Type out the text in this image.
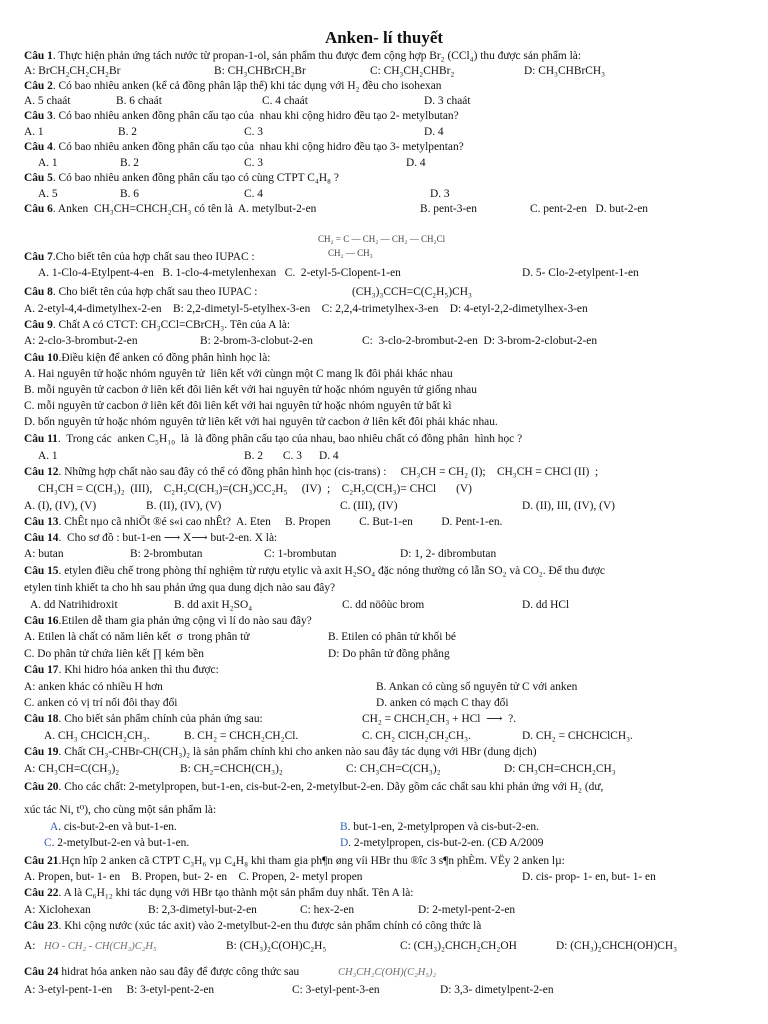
Anken- lí thuyết
Câu 1. Thực hiện phản ứng tách nước từ propan-1-ol, sản phẩm thu được đem cộng hợp Br₂ (CCl₄) thu được sản phẩm là:
A: BrCH₂CH₂CH₂Br	B: CH₃CHBrCH₂Br	C: CH₃CH₂CHBr₂	D: CH₃CHBrCH₃
Câu 2. Có bao nhiêu anken (kể cả đồng phân lập thể) khi tác dụng với H₂ đều cho isohexan
A. 5 chaát	B. 6 chaát	C. 4 chaát	D. 3 chaát
Câu 3. Có bao nhiêu anken đồng phân cấu tạo của  nhau khi cộng hidro đều tạo 2- metylbutan?
A. 1	B. 2	C. 3	D. 4
Câu 4. Có bao nhiêu anken đồng phân cấu tạo của  nhau khi cộng hidro đều tạo 3- metylpentan?
A. 1	B. 2	C. 3	D. 4
Câu 5. Có bao nhiêu anken đồng phân cấu tạo có cùng CTPT C₄H₈ ?
A. 5	B. 6	C. 4	D. 3
Câu 6. Anken  CH₃CH=CHCH₂CH₃ có tên là  A. metylbut-2-en	B. pent-3-en	C. pent-2-en   D. but-2-en
Câu 7.Cho biết tên của hợp chất sau theo IUPAC :
A. 1-Clo-4-Etylpent-4-en   B. 1-clo-4-metylenhexan   C.  2-etyl-5-Clopent-1-en	D. 5- Clo-2-etylpent-1-en
Câu 8. Cho biết tên của hợp chất sau theo IUPAC :	(CH₃)₃CCH=C(C₂H₅)CH₃
A. 2-etyl-4,4-dimetylhex-2-en    B: 2,2-dimetyl-5-etylhex-3-en    C: 2,2,4-trimetylhex-3-en    D: 4-etyl-2,2-dimetylhex-3-en
Câu 9. Chất A có CTCT: CH₃CCl=CBrCH₃. Tên của A là:
A: 2-clo-3-brombut-2-en	B: 2-brom-3-clobut-2-en	C:  3-clo-2-brombut-2-en  D: 3-brom-2-clobut-2-en
Câu 10.Điều kiện để anken có đồng phân hình học là:
A. Hai nguyên tử hoặc nhóm nguyên tử  liên kết với cùngn một C mang lk đôi phải khác nhau
B. mỗi nguyên tử cacbon ở liên kết đôi liên kết với hai nguyên tử hoặc nhóm nguyên tử giống nhau
C. mỗi nguyên tử cacbon ở liên kết đôi liên kết với hai nguyên tử hoặc nhóm nguyên tử bất kì
D. bốn nguyên tử hoặc nhóm nguyên tử liên kết với hai nguyên tử cacbon ở liên kết đôi phải khác nhau.
Câu 11.  Trong các  anken C₅H₁₀  là  là đồng phân cấu tạo của nhau, bao nhiêu chất có đồng phân  hình học ?
A. 1	B. 2       C. 3      D. 4
Câu 12. Những hợp chất nào sau đây có thể có đồng phân hình học (cis-trans) :     CH₃CH = CH₂ (I);    CH₃CH = CHCl (II)  ;
CH₃CH = C(CH₃)₂  (III),    C₂H₅C(CH₃)=(CH₃)CC₂H₅     (IV)  ;    C₂H₅C(CH₃)= CHCl       (V)
A. (I), (IV), (V)	B. (II), (IV), (V)	C. (III), (IV)	D. (II), III, (IV), (V)
Câu 13. ChÊt nµo cã nhiÖt ®é s«i cao nhÊt?  A. Eten     B. Propen          C. But-1-en          D. Pent-1-en.
Câu 14.  Cho sơ đồ : but-1-en ⟶ X⟶ but-2-en. X là:
A: butan	B: 2-brombutan	C: 1-brombutan	D: 1, 2- dibrombutan
Câu 15. etylen điều chế trong phòng thí nghiệm từ rượu etylic và axit H₂SO₄ đặc nóng thường có lẫn SO₂ và CO₂. Để thu được
etylen tinh khiết ta cho hh sau phản ứng qua dung dịch nào sau đây?
A. dd Natrihidroxit	B. dd axit H₂SO₄	C. dd nöôùc brom	D. dd HCl
Câu 16.Etilen dễ tham gia phản ứng cộng vì lí do nào sau đây?
A. Etilen là chất có năm liên kết  σ  trong phân tử	B. Etilen có phân tử khối bé
C. Do phân tử chứa liên kết ∏ kém bền	D: Do phân tử đồng phẳng
Câu 17. Khi hidro hóa anken thì thu được:
A: anken khác có nhiều H hơn	B. Ankan có cùng số nguyên tử C với anken
C. anken có vị trí nối đôi thay đổi	D. anken có mạch C thay đổi
Câu 18. Cho biết sản phẩm chính của phản ứng sau:	CH₂ = CHCH₂CH₃ + HCl  ⟶  ?.
A. CH₃ CHClCH₂CH₃.	B. CH₂ = CHCH₂CH₂Cl.	C. CH₂ ClCH₂CH₂CH₃.	D. CH₂ = CHCHClCH₃.
Câu 19. Chất CH₃-CHBr-CH(CH₃)₂ là sản phẩm chính khi cho anken nào sau đây tác dụng với HBr (dung dịch)
A: CH₃CH=C(CH₃)₂	B: CH₂=CHCH(CH₃)₂	C: CH₃CH=C(CH₃)₂	D: CH₃CH=CHCH₂CH₃
Câu 20. Cho các chất: 2-metylpropen, but-1-en, cis-but-2-en, 2-metylbut-2-en. Dãy gồm các chất sau khi phản ứng với H₂ (dư,
xúc tác Ni, t⁰), cho cùng một sản phẩm là:
A. cis-but-2-en và but-1-en.	B. but-1-en, 2-metylpropen và cis-but-2-en.
C. 2-metylbut-2-en và but-1-en.	D. 2-metylpropen, cis-but-2-en. (CĐ A/2009
Câu 21.Hçn hîp 2 anken cã CTPT C₃H₆ vµ C₄H₈ khi tham gia ph¶n øng víi HBr thu ®îc 3 s¶n phÈm. VËy 2 anken lµ:
A. Propen, but- 1- en    B. Propen, but- 2- en    C. Propen, 2- metyl propen	D. cis- prop- 1- en, but- 1- en
Câu 22. A là C₆H₁₂ khi tác dụng với HBr tạo thành một sản phẩm duy nhất. Tên A là:
A: Xiclohexan	B: 2,3-dimetyl-but-2-en	C: hex-2-en	D: 2-metyl-pent-2-en
Câu 23. Khi cộng nước (xúc tác axit) vào 2-metylbut-2-en thu được sản phẩm chính có công thức là
A: HO - CH₂ - CH(CH₃)C₂H₅	B: (CH₃)₂C(OH)C₂H₅	C: (CH₃)₂CHCH₂CH₂OH	D: (CH₃)₂CHCH(OH)CH₃
Câu 24 hidrat hóa anken nào sau đây để được công thức sau	CH₃CH₂C(OH)(C₂H₅)₂
A: 3-etyl-pent-1-en     B: 3-etyl-pent-2-en	C: 3-etyl-pent-3-en	D: 3,3- dimetylpent-2-en
CH₂ = C — CH₂ — CH₂ — CH₂Cl
CH₂ — CH₃
